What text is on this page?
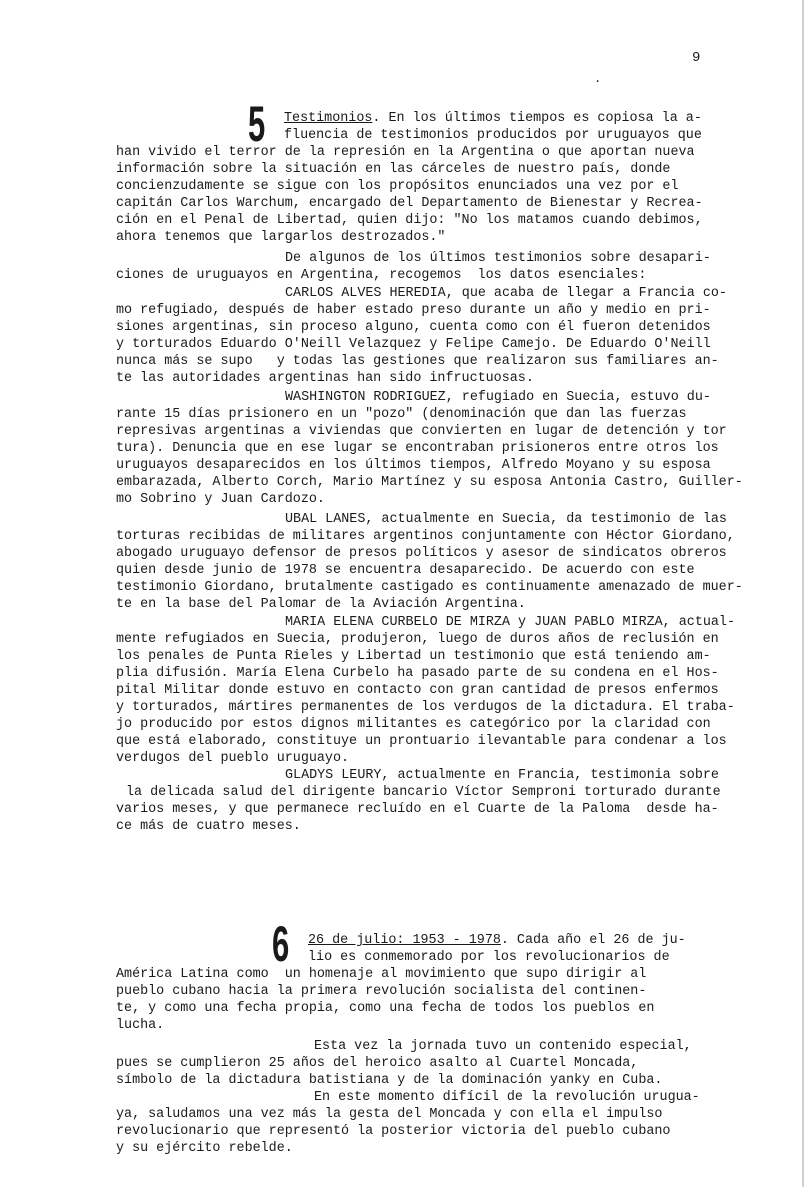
9
.
5 Testimonios. En los últimos tiempos es copiosa la a-
fluencia de testimonios producidos por uruguayos que
han vivido el terror de la represión en la Argentina o que aportan nueva
información sobre la situación en las cárceles de nuestro país, donde
concienzudamente se sigue con los propósitos enunciados una vez por el
capitán Carlos Warchum, encargado del Departamento de Bienestar y Recrea-
ción en el Penal de Libertad, quien dijo: "No los matamos cuando debimos,
ahora tenemos que largarlos destrozados."
De algunos de los últimos testimonios sobre desapari-
ciones de uruguayos en Argentina, recogemos  los datos esenciales:
CARLOS ALVES HEREDIA, que acaba de llegar a Francia co-
mo refugiado, después de haber estado preso durante un año y medio en pri-
siones argentinas, sin proceso alguno, cuenta como con él fueron detenidos
y torturados Eduardo O'Neill Velazquez y Felipe Camejo. De Eduardo O'Neill
nunca más se supo   y todas las gestiones que realizaron sus familiares an-
te las autoridades argentinas han sido infructuosas.
WASHINGTON RODRIGUEZ, refugiado en Suecia, estuvo du-
rante 15 días prisionero en un "pozo" (denominación que dan las fuerzas
represivas argentinas a viviendas que convierten en lugar de detención y tor
tura). Denuncia que en ese lugar se encontraban prisioneros entre otros los
uruguayos desaparecidos en los últimos tiempos, Alfredo Moyano y su esposa
embarazada, Alberto Corch, Mario Martínez y su esposa Antonia Castro, Guiller-
mo Sobrino y Juan Cardozo.
UBAL LANES, actualmente en Suecia, da testimonio de las
torturas recibidas de militares argentinos conjuntamente con Héctor Giordano,
abogado uruguayo defensor de presos políticos y asesor de sindicatos obreros
quien desde junio de 1978 se encuentra desaparecido. De acuerdo con este
testimonio Giordano, brutalmente castigado es continuamente amenazado de muer-
te en la base del Palomar de la Aviación Argentina.
MARIA ELENA CURBELO DE MIRZA y JUAN PABLO MIRZA, actual-
mente refugiados en Suecia, produjeron, luego de duros años de reclusión en
los penales de Punta Rieles y Libertad un testimonio que está teniendo am-
plia difusión. María Elena Curbelo ha pasado parte de su condena en el Hos-
pital Militar donde estuvo en contacto con gran cantidad de presos enfermos
y torturados, mártires permanentes de los verdugos de la dictadura. El traba-
jo producido por estos dignos militantes es categórico por la claridad con
que está elaborado, constituye un prontuario ilevantable para condenar a los
verdugos del pueblo uruguayo.
GLADYS LEURY, actualmente en Francia, testimonia sobre
la delicada salud del dirigente bancario Víctor Semproni torturado durante
varios meses, y que permanece recluído en el Cuarte de la Paloma  desde ha-
ce más de cuatro meses.
6 26 de julio: 1953 - 1978. Cada año el 26 de ju-
lio es conmemorado por los revolucionarios de
América Latina como  un homenaje al movimiento que supo dirigir al
pueblo cubano hacia la primera revolución socialista del continen-
te, y como una fecha propia, como una fecha de todos los pueblos en
lucha.
Esta vez la jornada tuvo un contenido especial,
pues se cumplieron 25 años del heroico asalto al Cuartel Moncada,
símbolo de la dictadura batistiana y de la dominación yanky en Cuba.
En este momento difícil de la revolución urugua-
ya, saludamos una vez más la gesta del Moncada y con ella el impulso
revolucionario que representó la posterior victoria del pueblo cubano
y su ejército rebelde.
